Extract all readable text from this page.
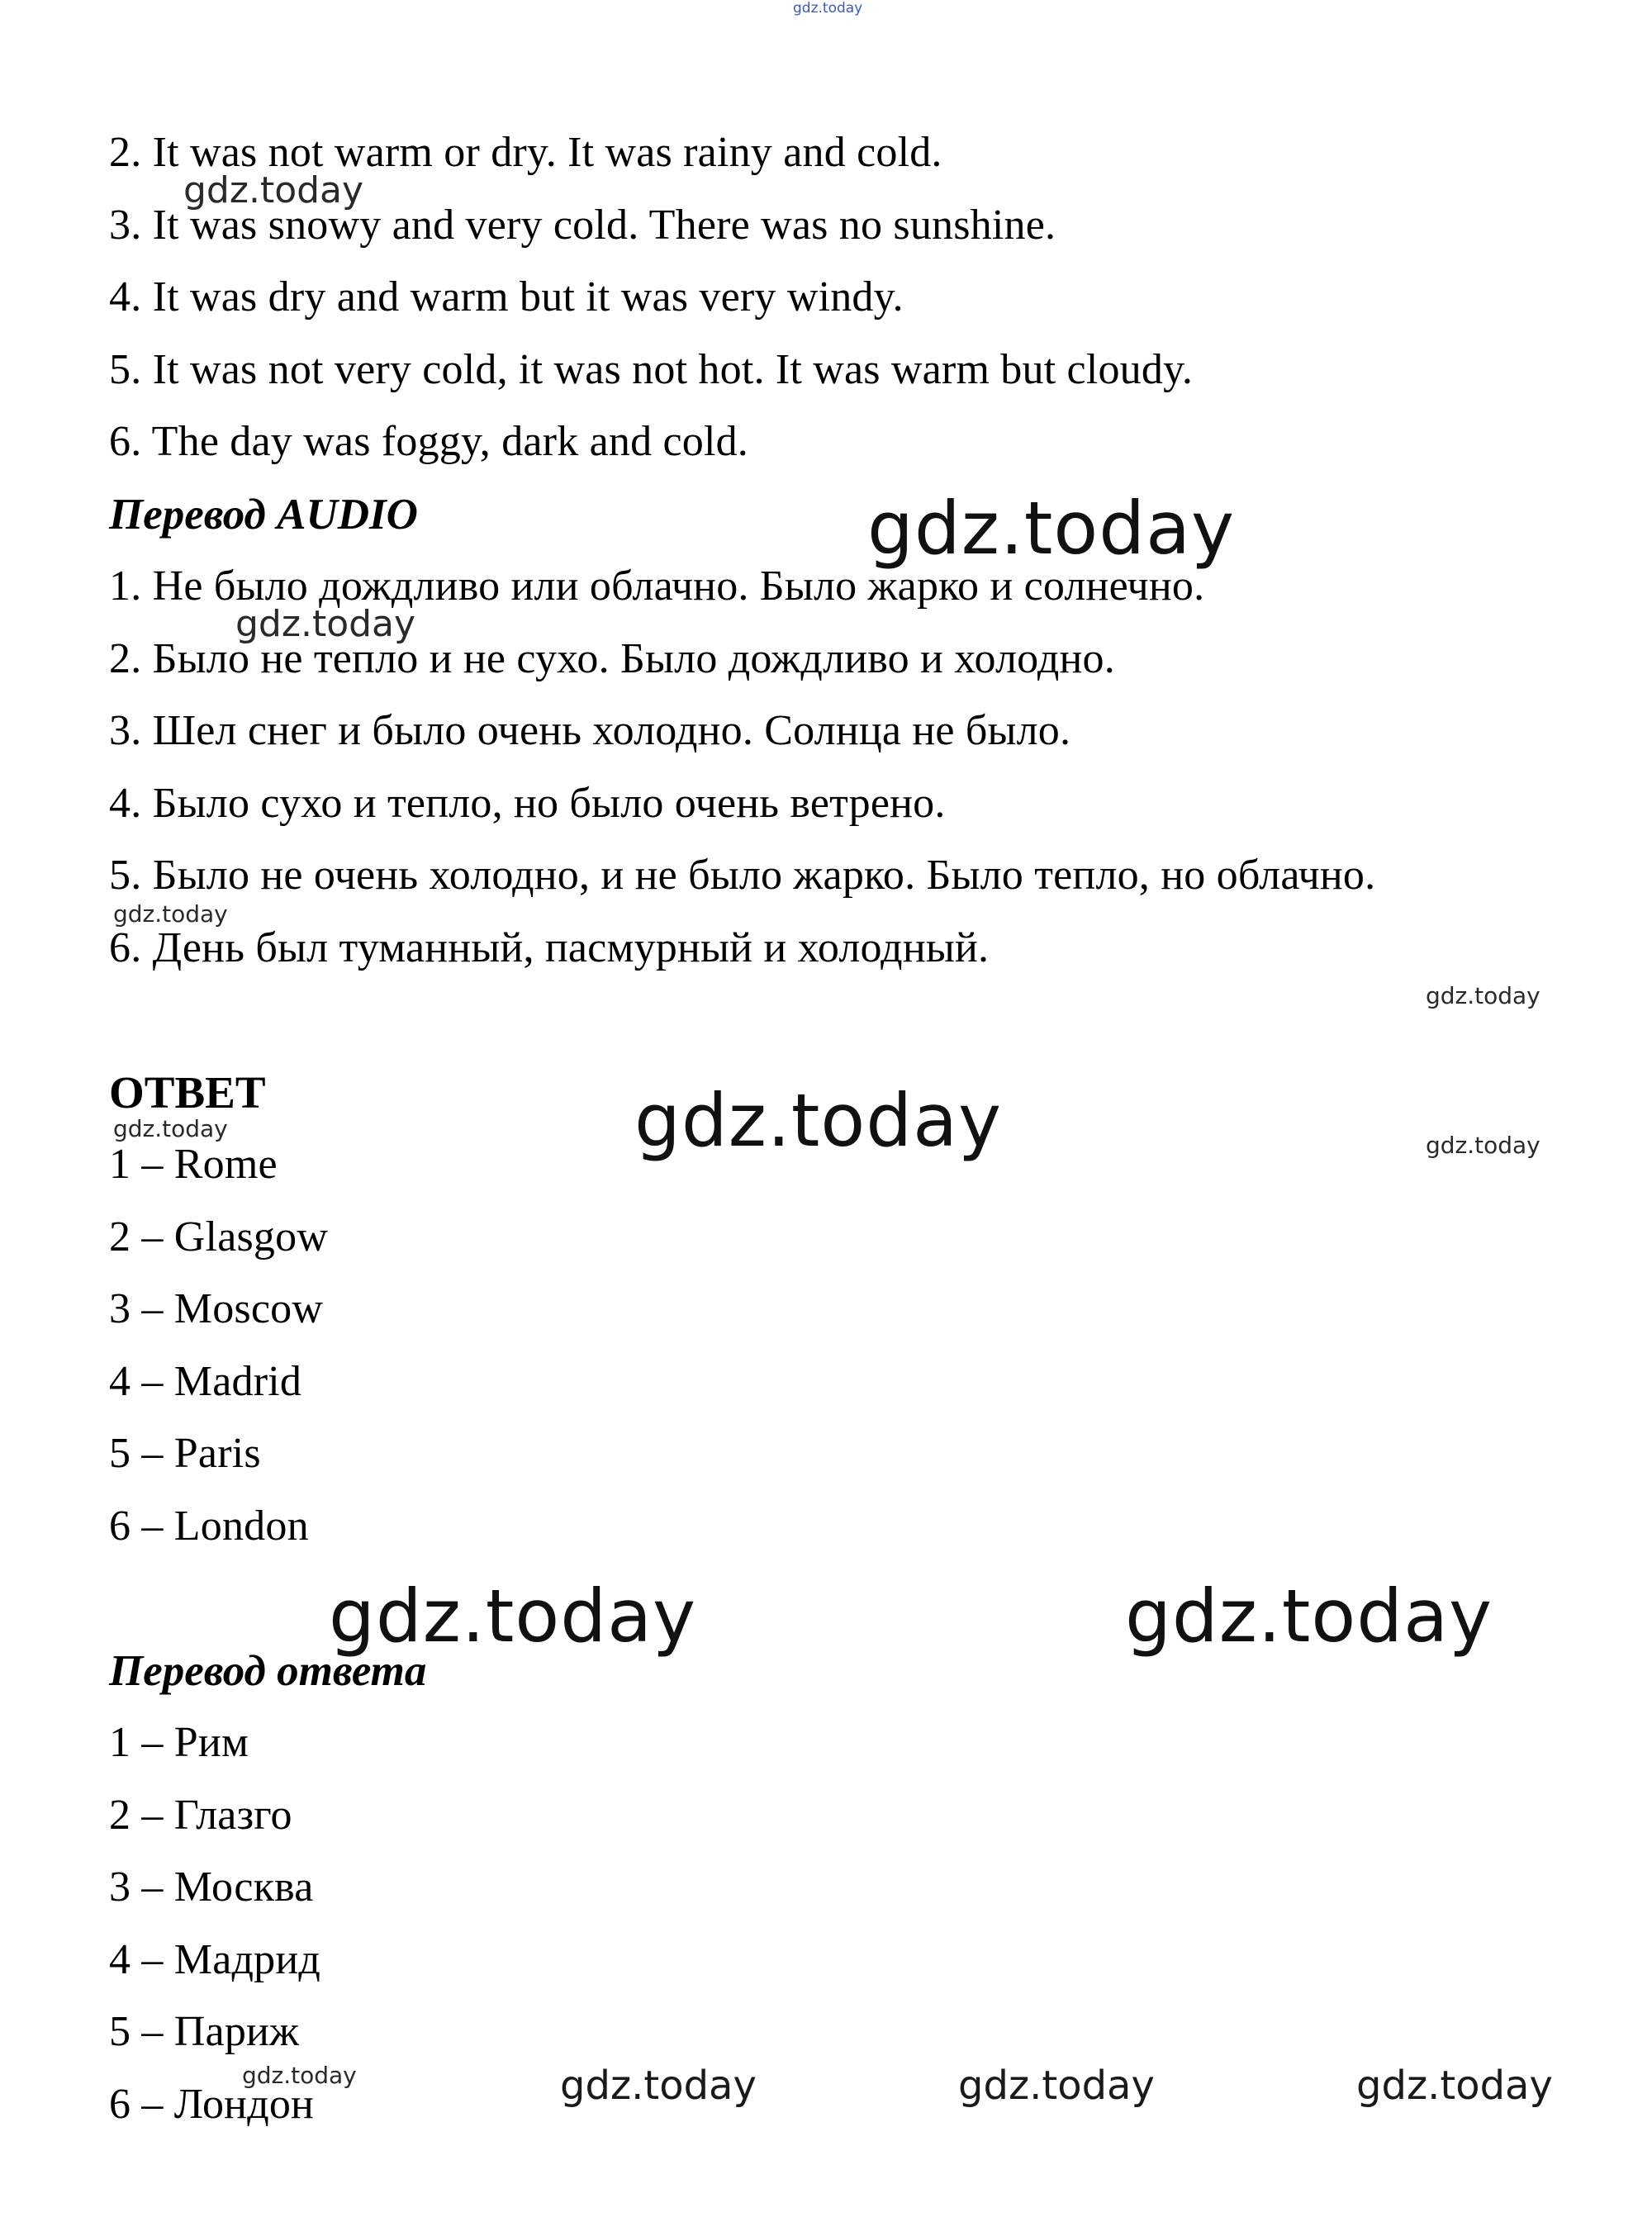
gdz.today
2. It was not warm or dry. It was rainy and cold.
3. It was snowy and very cold. There was no sunshine.
4. It was dry and warm but it was very windy.
5. It was not very cold, it was not hot. It was warm but cloudy.
6. The day was foggy, dark and cold.
gdz.today
Перевод AUDIO	gdz.today
1. Не было дождливо или облачно. Было жарко и солнечно.
gdz.today
2. Было не тепло и не сухо. Было дождливо и холодно.
3. Шел снег и было очень холодно. Солнца не было.
4. Было сухо и тепло, но было очень ветрено.
5. Было не очень холодно, и не было жарко. Было тепло, но облачно.
gdz.today
6. День был туманный, пасмурный и холодный.
gdz.today
ОТВЕТ	gdz.today	gdz.today
gdz.today
1 – Rome
2 – Glasgow
3 – Moscow
4 – Madrid
5 – Paris
6 – London
gdz.today	gdz.today
Перевод ответа
1 – Рим
2 – Глазго
3 – Москва
4 – Мадрид
5 – Париж
gdz.today
6 – Лондон	gdz.today	gdz.today	gdz.today
